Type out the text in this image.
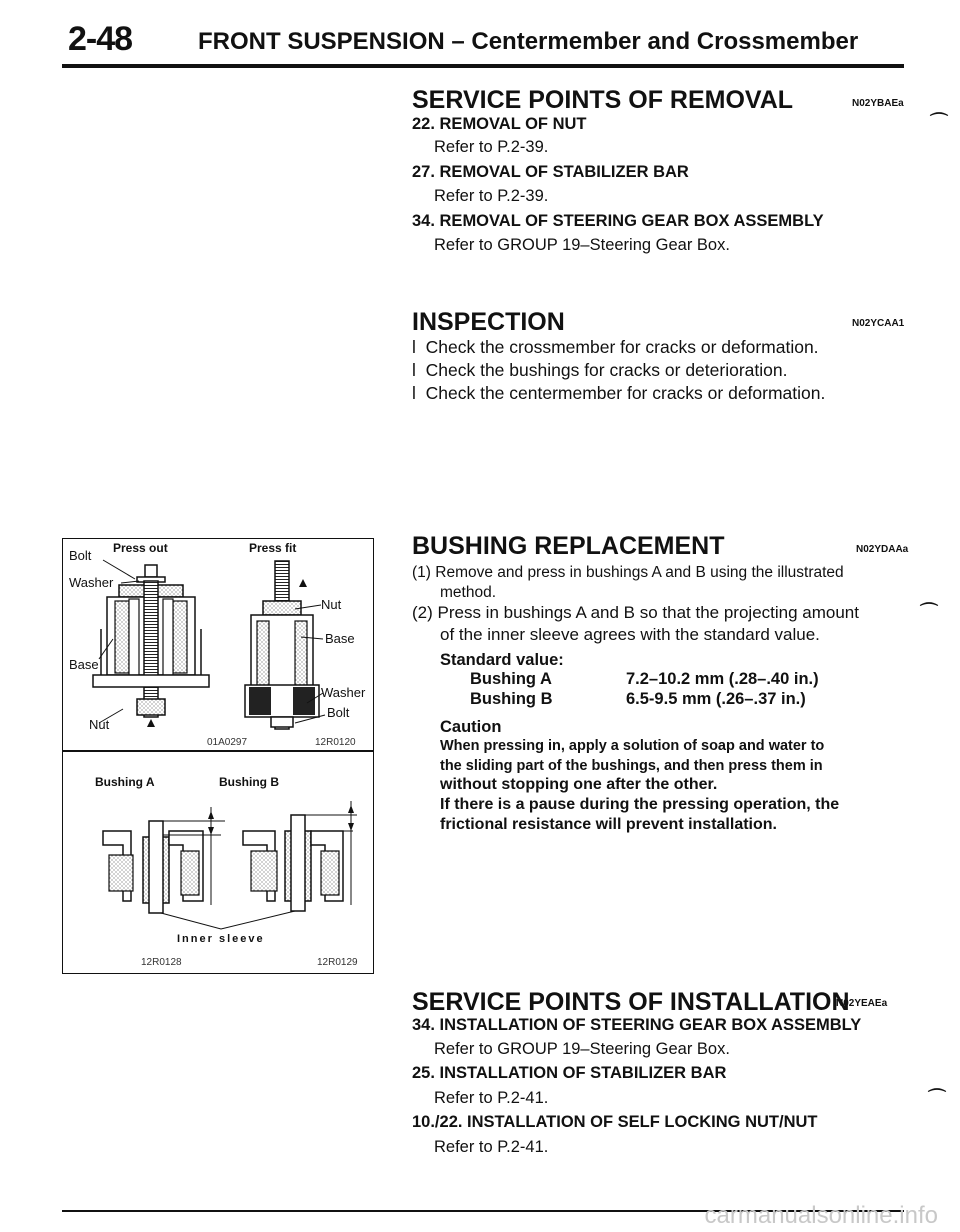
2-48	FRONT SUSPENSION – Centermember and Crossmember
SERVICE POINTS OF REMOVAL	N02YBAEa
22. REMOVAL OF NUT
Refer to P.2-39.
27. REMOVAL OF STABILIZER BAR
Refer to P.2-39.
34. REMOVAL OF STEERING GEAR BOX ASSEMBLY
Refer to GROUP 19–Steering Gear Box.
INSPECTION	N02YCAA1
l Check the crossmember for cracks or deformation.
l Check the bushings for cracks or deterioration.
l Check the centermember for cracks or deformation.
Press out	Press fit
Bolt
Washer
Base
Nut
Nut
Base
Washer
Bolt
01A0297	12R0120
Bushing A	Bushing B
Inner sleeve
12R0128	12R0129
BUSHING REPLACEMENT	N02YDAAa
(1) Remove and press in bushings A and B using the illustrated
method.
(2) Press in bushings A and B so that the projecting amount
of the inner sleeve agrees with the standard value.
Standard value:
Bushing A	7.2–10.2 mm (.28–.40 in.)
Bushing B	6.5-9.5 mm (.26–.37 in.)
Caution
When pressing in, apply a solution of soap and water to
the sliding part of the bushings, and then press them in
without stopping one after the other.
If there is a pause during the pressing operation, the
frictional resistance will prevent installation.
SERVICE POINTS OF INSTALLATION
N02YEAEa
34. INSTALLATION OF STEERING GEAR BOX ASSEMBLY
Refer to GROUP 19–Steering Gear Box.
25. INSTALLATION OF STABILIZER BAR
Refer to P.2-41.
10./22. INSTALLATION OF SELF LOCKING NUT/NUT
Refer to P.2-41.
⌒
⌒
⌒
carmanualsonline.info
